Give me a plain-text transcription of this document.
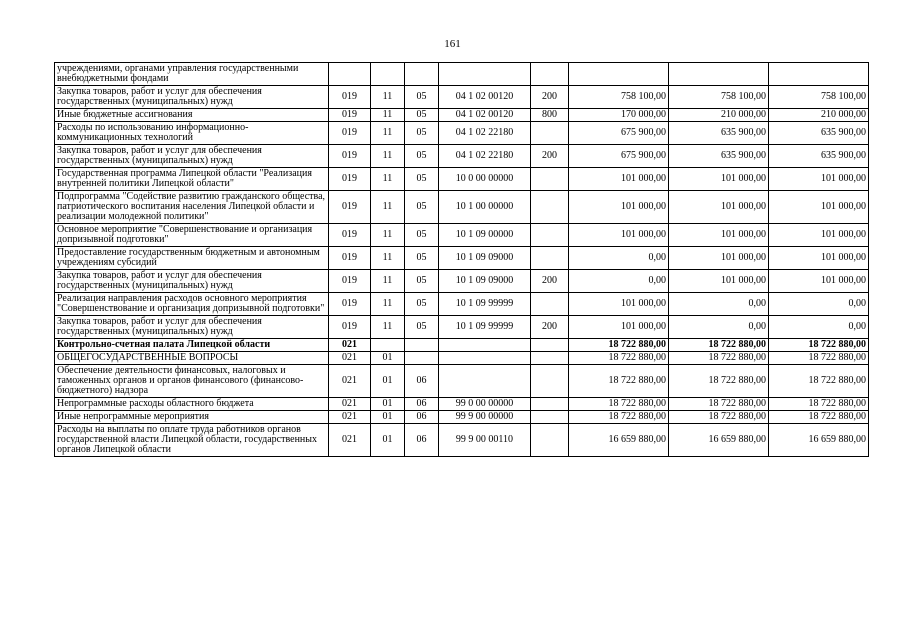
161
учреждениями, органами управления государственными внебюджетными фондами								
Закупка товаров, работ и услуг для обеспечения государственных (муниципальных) нужд	019	11	05	04 1 02 00120	200	758 100,00	758 100,00	758 100,00
Иные бюджетные ассигнования	019	11	05	04 1 02 00120	800	170 000,00	210 000,00	210 000,00
Расходы по использованию информационно-коммуникационных технологий	019	11	05	04 1 02 22180		675 900,00	635 900,00	635 900,00
Закупка товаров, работ и услуг для обеспечения государственных (муниципальных) нужд	019	11	05	04 1 02 22180	200	675 900,00	635 900,00	635 900,00
Государственная программа Липецкой области "Реализация внутренней политики Липецкой области"	019	11	05	10 0 00 00000		101 000,00	101 000,00	101 000,00
Подпрограмма "Содействие развитию гражданского общества, патриотического воспитания населения Липецкой области и реализации молодежной политики"	019	11	05	10 1 00 00000		101 000,00	101 000,00	101 000,00
Основное мероприятие "Совершенствование и организация допризывной подготовки"	019	11	05	10 1 09 00000		101 000,00	101 000,00	101 000,00
Предоставление государственным бюджетным и автономным учреждениям субсидий	019	11	05	10 1 09 09000		0,00	101 000,00	101 000,00
Закупка товаров, работ и услуг для обеспечения государственных (муниципальных) нужд	019	11	05	10 1 09 09000	200	0,00	101 000,00	101 000,00
Реализация направления расходов основного мероприятия "Совершенствование и организация допризывной подготовки"	019	11	05	10 1 09 99999		101 000,00	0,00	0,00
Закупка товаров, работ и услуг для обеспечения государственных (муниципальных) нужд	019	11	05	10 1 09 99999	200	101 000,00	0,00	0,00
Контрольно-счетная палата Липецкой области	021					18 722 880,00	18 722 880,00	18 722 880,00
ОБЩЕГОСУДАРСТВЕННЫЕ ВОПРОСЫ	021	01				18 722 880,00	18 722 880,00	18 722 880,00
Обеспечение деятельности финансовых, налоговых и таможенных органов и органов финансового (финансово-бюджетного) надзора	021	01	06			18 722 880,00	18 722 880,00	18 722 880,00
Непрограммные расходы областного бюджета	021	01	06	99 0 00 00000		18 722 880,00	18 722 880,00	18 722 880,00
Иные непрограммные мероприятия	021	01	06	99 9 00 00000		18 722 880,00	18 722 880,00	18 722 880,00
Расходы на выплаты по оплате труда работников органов государственной власти Липецкой области, государственных органов Липецкой области	021	01	06	99 9 00 00110		16 659 880,00	16 659 880,00	16 659 880,00
